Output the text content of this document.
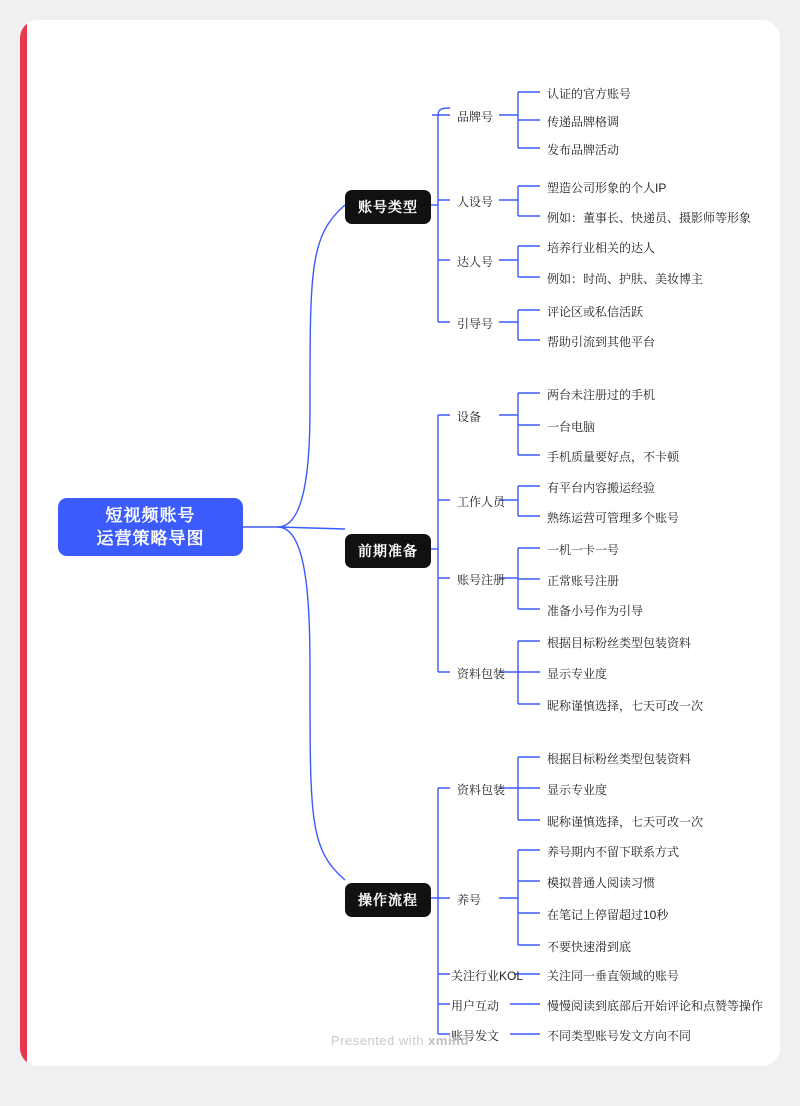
短视频账号
运营策略导图
账号类型
品牌号
认证的官方账号
传递品牌格调
发布品牌活动
人设号
塑造公司形象的个人IP
例如：董事长、快递员、摄影师等形象
达人号
培养行业相关的达人
例如：时尚、护肤、美妆博主
引导号
评论区或私信活跃
帮助引流到其他平台
前期准备
设备
两台未注册过的手机
一台电脑
手机质量要好点，不卡顿
工作人员
有平台内容搬运经验
熟练运营可管理多个账号
账号注册
一机一卡一号
正常账号注册
准备小号作为引导
资料包装
根据目标粉丝类型包装资料
显示专业度
昵称谨慎选择，七天可改一次
操作流程
资料包装
根据目标粉丝类型包装资料
显示专业度
昵称谨慎选择，七天可改一次
养号
养号期内不留下联系方式
模拟普通人阅读习惯
在笔记上停留超过10秒
不要快速滑到底
关注行业KOL 关注同一垂直领域的账号
用户互动	慢慢阅读到底部后开始评论和点赞等操作
账号发文	不同类型账号发文方向不同
Presented with xmind
